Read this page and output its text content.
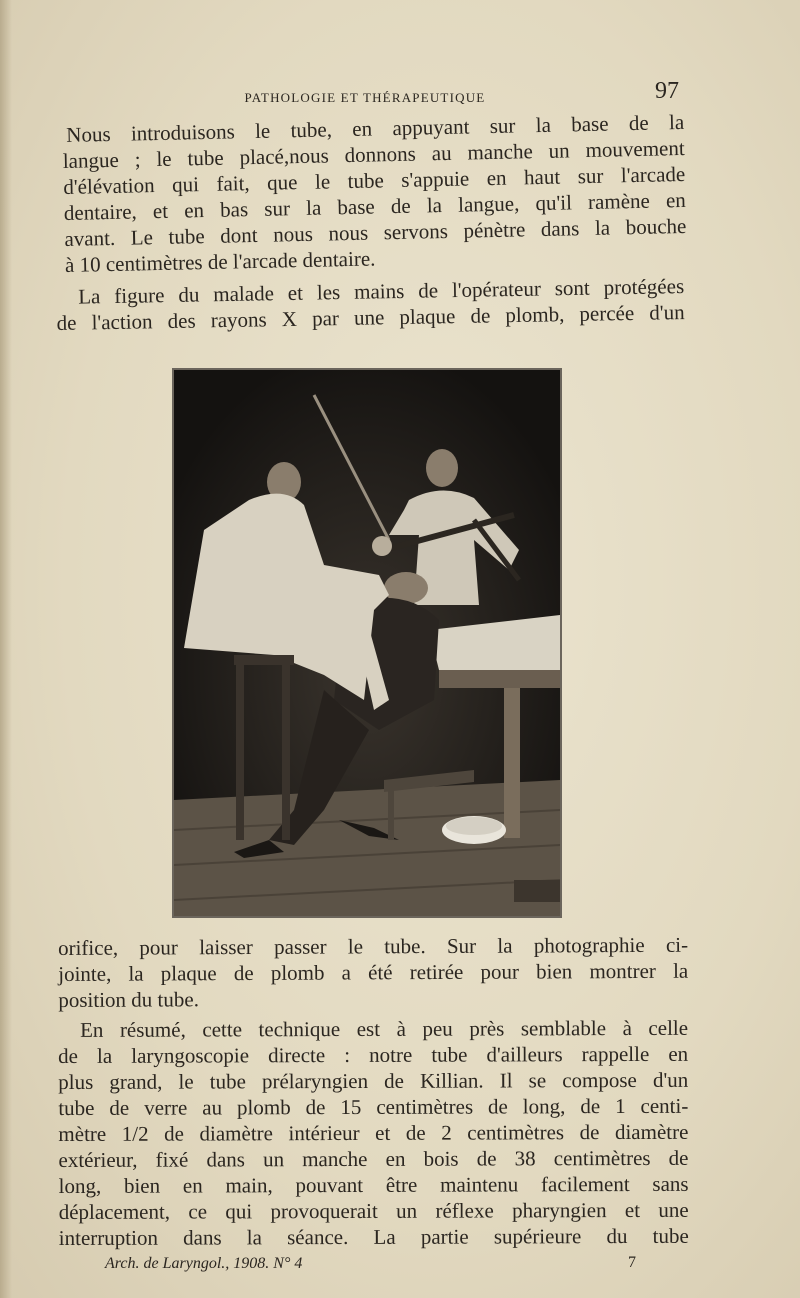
PATHOLOGIE ET THÉRAPEUTIQUE	97
Nous introduisons le tube, en appuyant sur la base de la
langue ; le tube placé,nous donnons au manche un mouvement
d'élévation qui fait, que le tube s'appuie en haut sur l'arcade
dentaire, et en bas sur la base de la langue, qu'il ramène en
avant. Le tube dont nous nous servons pénètre dans la bouche
à 10 centimètres de l'arcade dentaire.
La figure du malade et les mains de l'opérateur sont protégées
de l'action des rayons X par une plaque de plomb, percée d'un
orifice, pour laisser passer le tube. Sur la photographie ci-
jointe, la plaque de plomb a été retirée pour bien montrer la
position du tube.
En résumé, cette technique est à peu près semblable à celle
de la laryngoscopie directe : notre tube d'ailleurs rappelle en
plus grand, le tube prélaryngien de Killian. Il se compose d'un
tube de verre au plomb de 15 centimètres de long, de 1 centi-
mètre 1/2 de diamètre intérieur et de 2 centimètres de diamètre
extérieur, fixé dans un manche en bois de 38 centimètres de
long, bien en main, pouvant être maintenu facilement sans
déplacement, ce qui provoquerait un réflexe pharyngien et une
interruption dans la séance. La partie supérieure du tube
Arch. de Laryngol., 1908. N° 4	7
